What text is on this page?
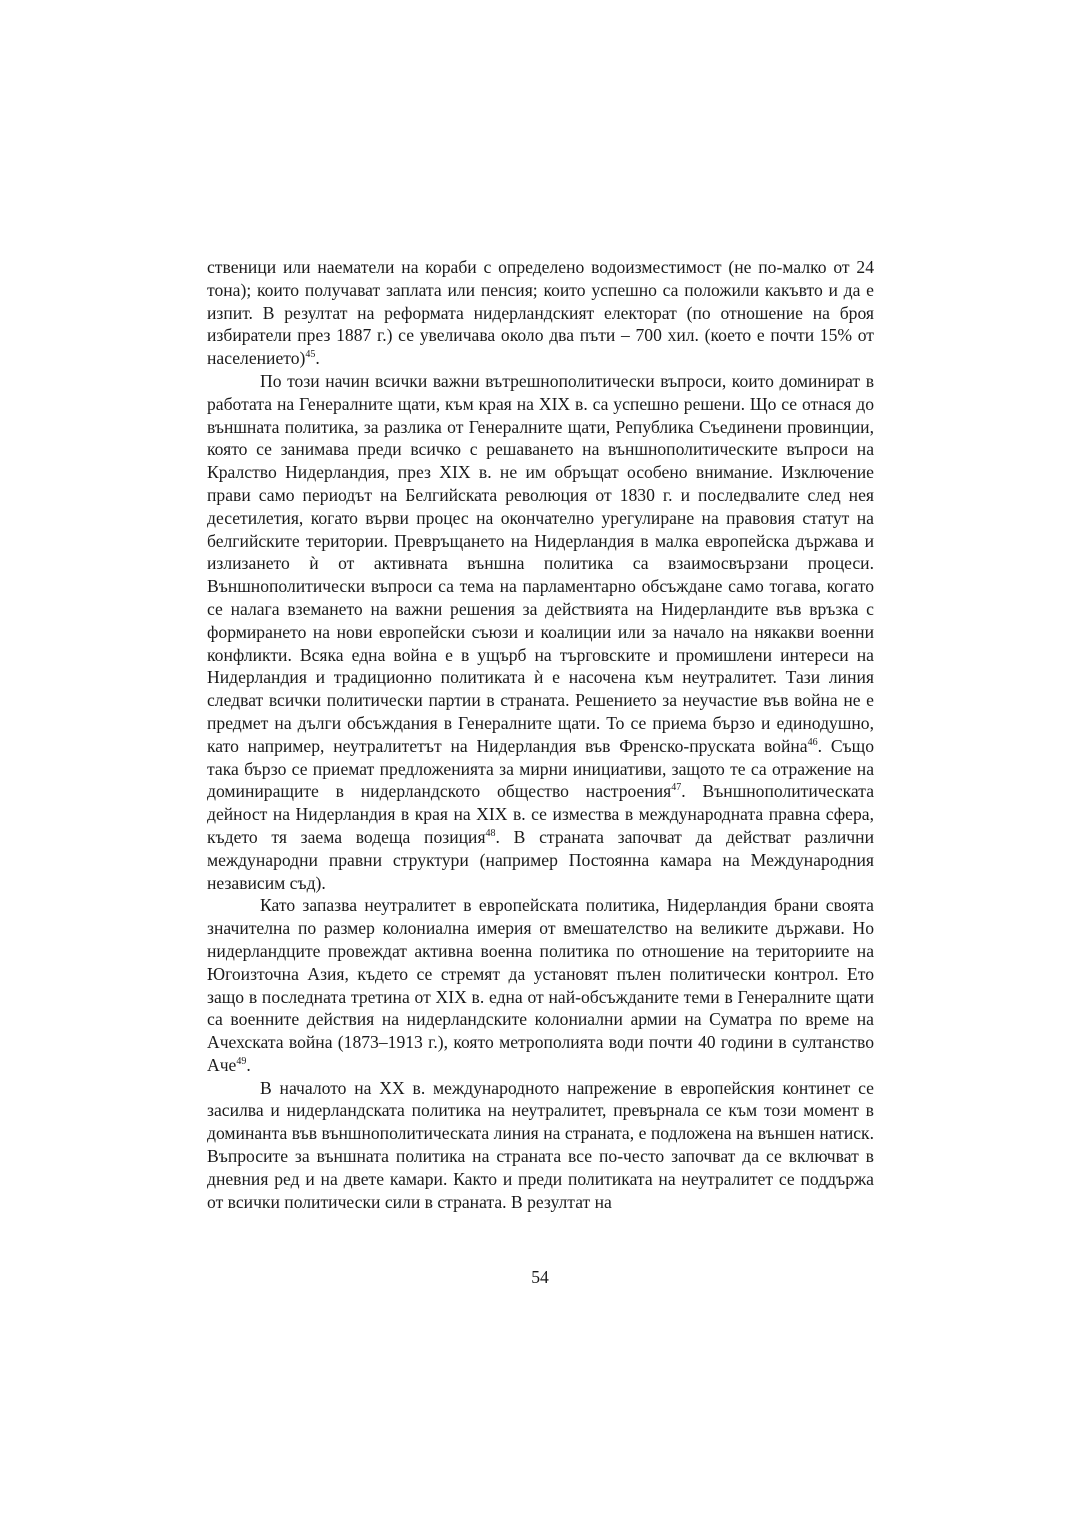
ственици или наематели на кораби с определено водоизместимост (не по-малко от 24 тона); които получават заплата или пенсия; които успешно са положили какъвто и да е изпит. В резултат на реформата нидерландският електорат (по отношение на броя избиратели през 1887 г.) се увеличава около два пъти – 700 хил. (което е почти 15% от населението)$^{45}$.

По този начин всички важни вътрешнополитически въпроси, които доминират в работата на Генералните щати, към края на XIX в. са успешно решени. Що се отнася до външната политика, за разлика от Генералните щати, Република Съединени провинции, която се занимава преди всичко с решаването на външнополитическите въпроси на Кралство Нидерландия, през XIX в. не им обръщат особено внимание. Изключение прави само периодът на Белгийската революция от 1830 г. и последвалите след нея десетилетия, когато върви процес на окончателно урегулиране на правовия статут на белгийските територии. Превръщането на Нидерландия в малка европейска държава и излизането ѝ от активната външна политика са взаимосвързани процеси. Външнополитически въпроси са тема на парламентарно обсъждане само тогава, когато се налага вземането на важни решения за действията на Нидерландите във връзка с формирането на нови европейски съюзи и коалиции или за начало на някакви военни конфликти. Всяка една война е в ущърб на търговските и промишлени интереси на Нидерландия и традиционно политиката ѝ е насочена към неутралитет. Тази линия следват всички политически партии в страната. Решението за неучастие във война не е предмет на дълги обсъждания в Генералните щати. То се приема бързо и единодушно, като например, неутралитетът на Нидерландия във Френско-пруската война$^{46}$. Също така бързо се приемат предложенията за мирни инициативи, защото те са отражение на доминиращите в нидерландското общество настроения$^{47}$. Външнополитическата дейност на Нидерландия в края на XIX в. се измества в международната правна сфера, където тя заема водеща позиция$^{48}$. В страната започват да действат различни международни правни структури (например Постоянна камара на Международния независим съд).

Като запазва неутралитет в европейската политика, Нидерландия брани своята значителна по размер колониална имерия от вмешателство на великите държави. Но нидерландците провеждат активна военна политика по отношение на териториите на Югоизточна Азия, където се стремят да установят пълен политически контрол. Ето защо в последната третина от XIX в. една от най-обсъжданите теми в Генералните щати са военните действия на нидерландските колониални армии на Суматра по време на Ачехската война (1873–1913 г.), която метрополията води почти 40 години в султанство Аче$^{49}$.

В началото на XX в. международното напрежение в европейския континет се засилва и нидерландската политика на неутралитет, превърнала се към този момент в доминанта във външнополитическата линия на страната, е подложена на външен натиск. Въпросите за външната политика на страната все по-често започват да се включват в дневния ред и на двете камари. Както и преди политиката на неутралитет се поддържа от всички политически сили в страната. В резултат на

54
